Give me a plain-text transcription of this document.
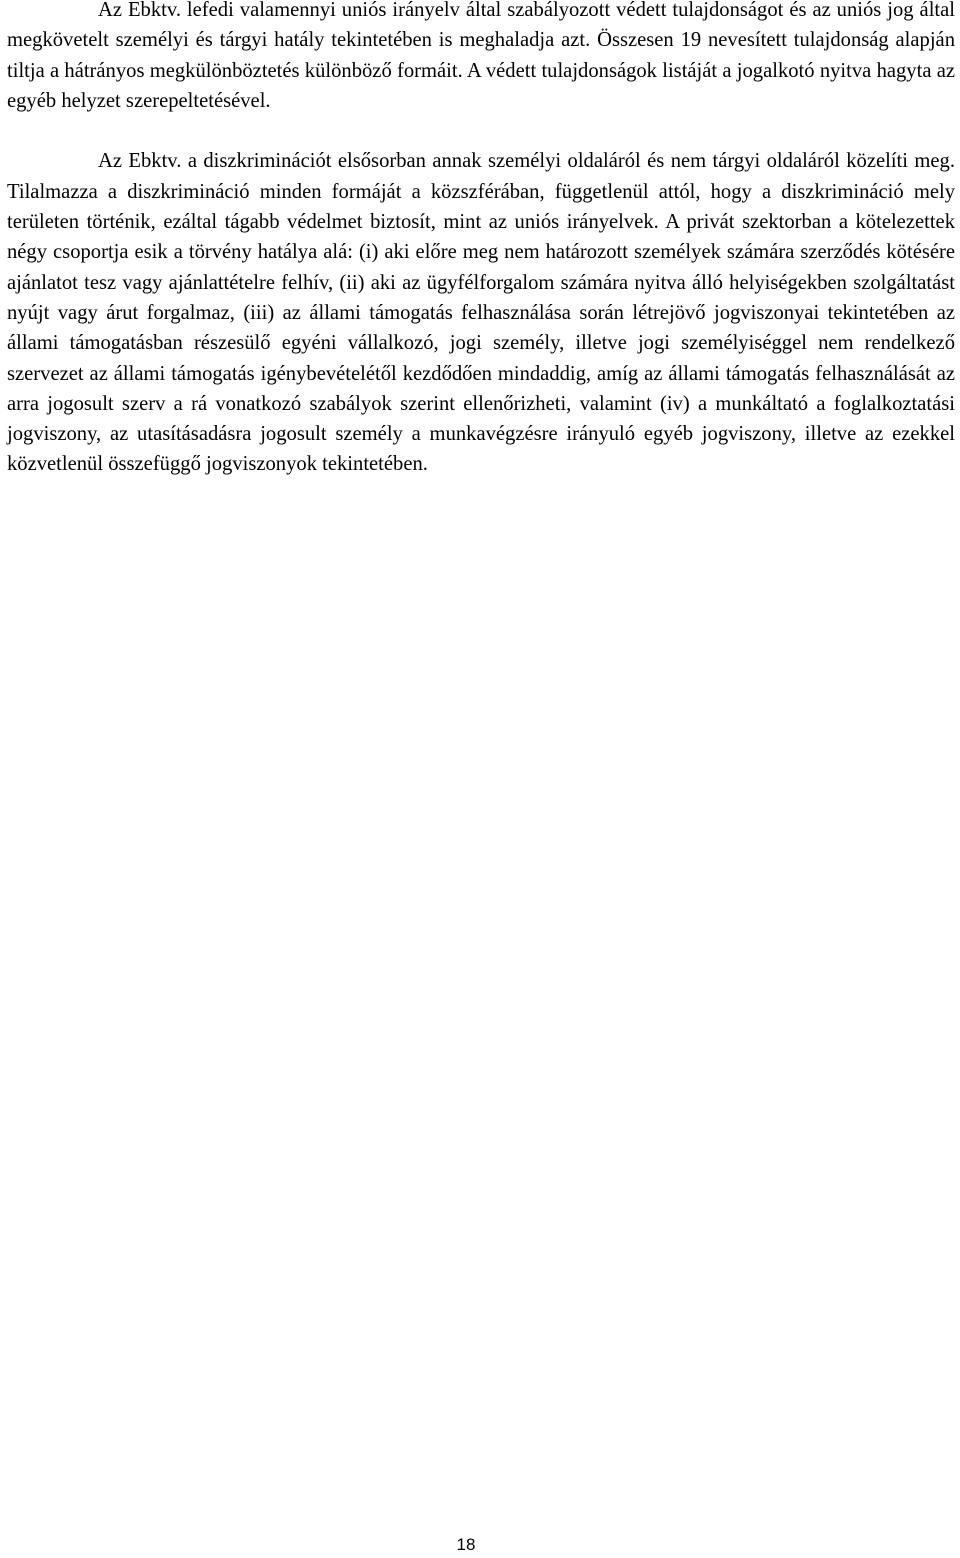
Az Ebktv. lefedi valamennyi uniós irányelv által szabályozott védett tulajdonságot és az uniós jog által megkövetelt személyi és tárgyi hatály tekintetében is meghaladja azt. Összesen 19 nevesített tulajdonság alapján tiltja a hátrányos megkülönböztetés különböző formáit. A védett tulajdonságok listáját a jogalkotó nyitva hagyta az egyéb helyzet szerepeltetésével.

Az Ebktv. a diszkriminációt elsősorban annak személyi oldaláról és nem tárgyi oldaláról közelíti meg. Tilalmazza a diszkrimináció minden formáját a közszférában, függetlenül attól, hogy a diszkrimináció mely területen történik, ezáltal tágabb védelmet biztosít, mint az uniós irányelvek. A privát szektorban a kötelezettek négy csoportja esik a törvény hatálya alá: (i) aki előre meg nem határozott személyek számára szerződés kötésére ajánlatot tesz vagy ajánlattételre felhív, (ii) aki az ügyfélforgalom számára nyitva álló helyiségekben szolgáltatást nyújt vagy árut forgalmaz, (iii) az állami támogatás felhasználása során létrejövő jogviszonyai tekintetében az állami támogatásban részesülő egyéni vállalkozó, jogi személy, illetve jogi személyiséggel nem rendelkező szervezet az állami támogatás igénybevételétől kezdődően mindaddig, amíg az állami támogatás felhasználását az arra jogosult szerv a rá vonatkozó szabályok szerint ellenőrizheti, valamint (iv) a munkáltató a foglalkoztatási jogviszony, az utasításadásra jogosult személy a munkavégzésre irányuló egyéb jogviszony, illetve az ezekkel közvetlenül összefüggő jogviszonyok tekintetében.

18
